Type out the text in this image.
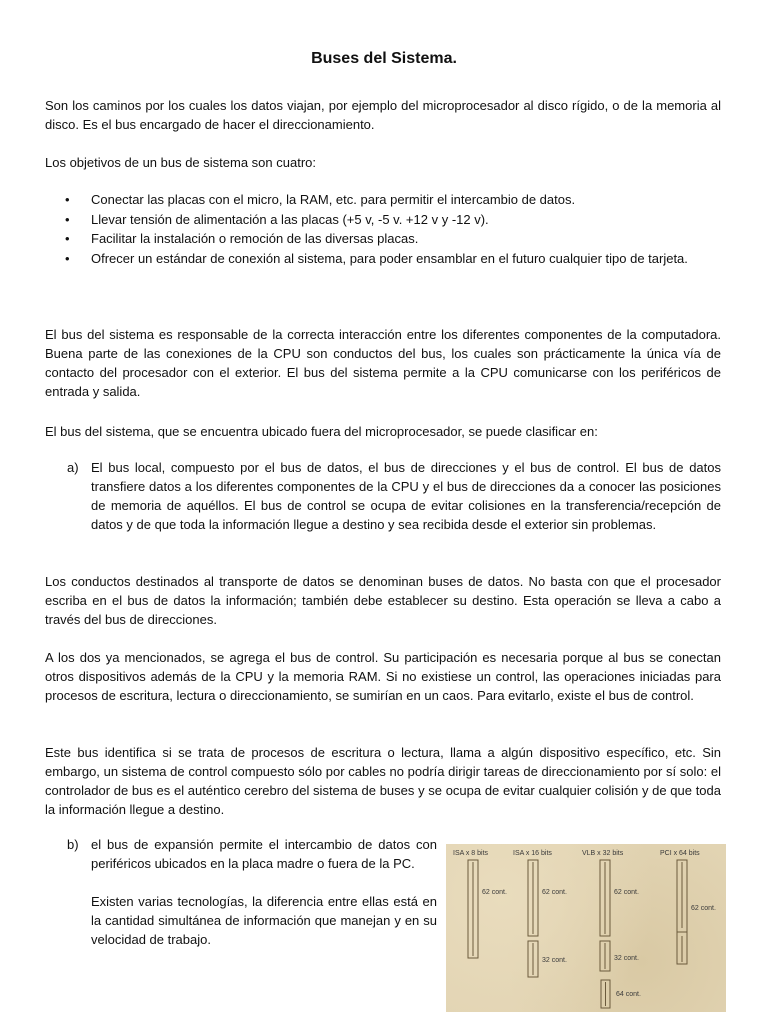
Buses del Sistema.
Son los caminos por los cuales los datos viajan, por ejemplo del microprocesador al disco rígido, o de la memoria al disco. Es el bus encargado de hacer el direccionamiento.
Los objetivos de un bus de sistema son cuatro:
• Conectar las placas con el micro, la RAM, etc. para permitir el intercambio de datos.
• Llevar tensión de alimentación a las placas (+5 v, -5 v. +12 v y -12 v).
• Facilitar la instalación o remoción de las diversas placas.
• Ofrecer un estándar de conexión al sistema, para poder ensamblar en el futuro cualquier tipo de tarjeta.
El bus del sistema es responsable de la correcta interacción entre los diferentes componentes de la computadora. Buena parte de las conexiones de la CPU son conductos del bus, los cuales son prácticamente la única vía de contacto del procesador con el exterior. El bus del sistema permite a la CPU comunicarse con los periféricos de entrada y salida.
El bus del sistema, que se encuentra ubicado fuera del microprocesador, se puede clasificar en:
a) El bus local, compuesto por el bus de datos, el bus de direcciones y el bus de control. El bus de datos transfiere datos a los diferentes componentes de la CPU y el bus de direcciones da a conocer las posiciones de memoria de aquéllos. El bus de control se ocupa de evitar colisiones en la transferencia/recepción de datos y de que toda la información llegue a destino y sea recibida desde el exterior sin problemas.
Los conductos destinados al transporte de datos se denominan buses de datos. No basta con que el procesador escriba en el bus de datos la información; también debe establecer su destino. Esta operación se lleva a cabo a través del bus de direcciones.
A los dos ya mencionados, se agrega el bus de control. Su participación es necesaria porque al bus se conectan otros dispositivos además de la CPU y la memoria RAM. Si no existiese un control, las operaciones iniciadas para procesos de escritura, lectura o direccionamiento, se sumirían en un caos. Para evitarlo, existe el bus de control.
Este bus identifica si se trata de procesos de escritura o lectura, llama a algún dispositivo específico, etc. Sin embargo, un sistema de control compuesto sólo por cables no podría dirigir tareas de direccionamiento por sí solo: el controlador de bus es el auténtico cerebro del sistema de buses y se ocupa de evitar cualquier colisión y de que toda la información llegue a destino.
b) el bus de expansión permite el intercambio de datos con periféricos ubicados en la placa madre o fuera de la PC.

Existen varias tecnologías, la diferencia entre ellas está en la cantidad simultánea de información que manejan y en su velocidad de trabajo.

ISA x 8 bits	ISA x 16 bits	VLB x 32 bits	PCI x 64 bits
62 cont.	62 cont.
32 cont.
62 cont.
32 cont.
64 cont.
62 cont.
